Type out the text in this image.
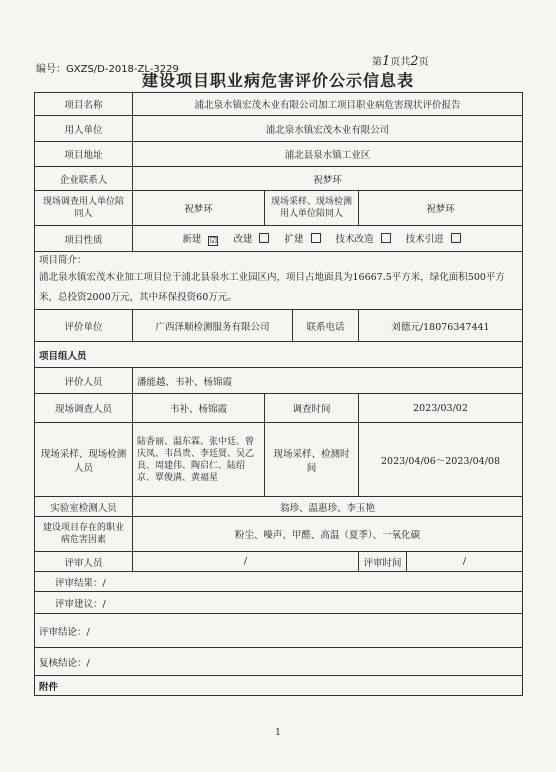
编号：GXZS/D-2018-ZL-3229
第1页共2页
建设项目职业病危害评价公示信息表
项目名称	浦北泉水镇宏茂木业有限公司加工项目职业病危害现状评价报告				
用人单位	浦北泉水镇宏茂木业有限公司				
项目地址	浦北县泉水镇工业区				
企业联系人	祝梦环				
现场调查用人单位陪同人	祝梦环	现场采样、现场检测用人单位陪同人		祝梦环	
项目性质	新建 ☑ 改建 扩建 技术改造 技术引进				

项目简介：
浦北泉水镇宏茂木业加工项目位于浦北县泉水工业园区内，项目占地面具为16667.5平方米，绿化面积500平方米，总投资2000万元，其中环保投资60万元。					
评价单位	广西泽顺检测服务有限公司		联系电话	刘德元/18076347441	
项目组人员					
评价人员	潘能越、韦补、杨锦霞				
现场调查人员	韦补、杨锦霞	调查时间		2023/03/02	
现场采样、现场检测人员	陆香丽、温东霖、张中廷、曾庆凤、韦昌贵、李廷贤、吴乙良、周建伟、陶启仁、陆绍京、覃俊满、黄福星	现场采样、检测时间		2023/04/06～2023/04/08	
实验室检测人员	翁珍、温惠珍、李玉艳				
建设项目存在的职业病危害因素	粉尘、噪声、甲醛、高温（夏季）、一氧化碳				
评审人员	/			评审时间	/
评审结果：/					
评审建议：/					
评审结论：/					
复核结论：/					
附件					
1
